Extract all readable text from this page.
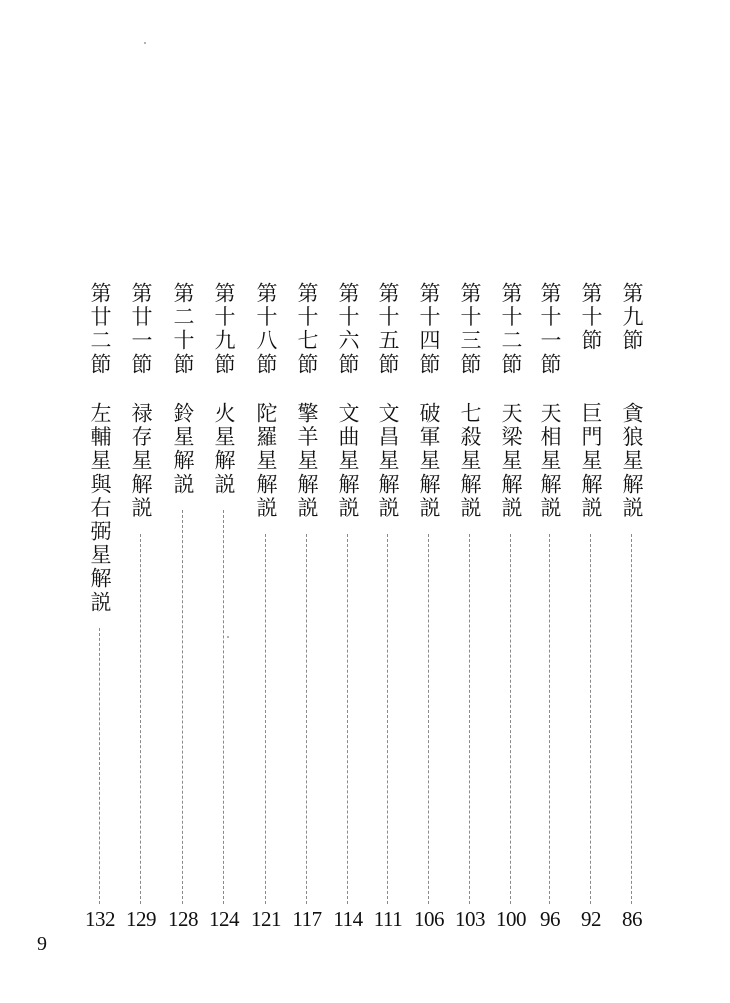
第九節
貪狼星解説
86
第十節
巨門星解説
92
第十一節
天相星解説
96
第十二節
天梁星解説
100
第十三節
七殺星解説
103
第十四節
破軍星解説
106
第十五節
文昌星解説
111
第十六節
文曲星解説
114
第十七節
擎羊星解説
117
第十八節
陀羅星解説
121
第十九節
火星解説
124
第二十節
鈴星解説
128
第廿一節
禄存星解説
129
第廿二節
左輔星與右弼星解説
132
9
